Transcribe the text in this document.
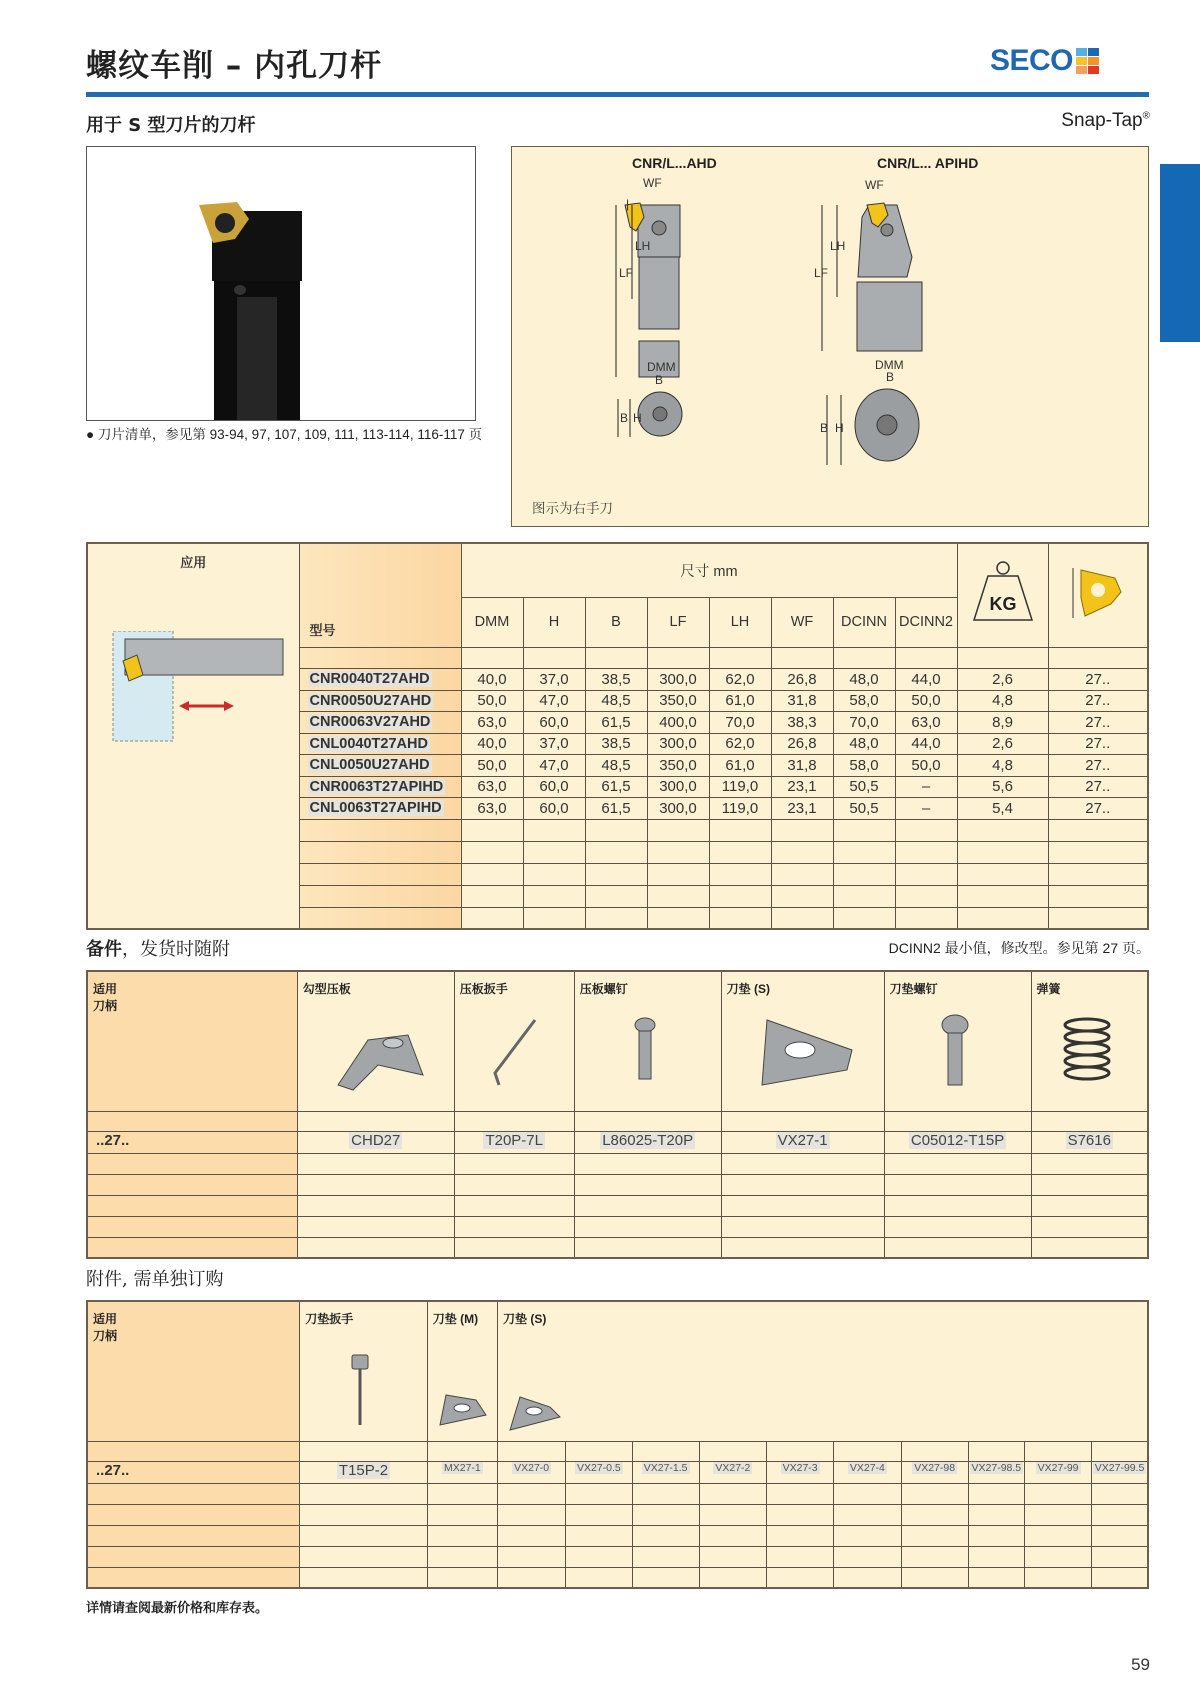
螺纹车削 – 内孔刀杆	SECO
用于 S 型刀片的刀杆	Snap-Tap®
● 刀片清单，参见第 93-94, 97, 107, 109, 111, 113-114, 116-117 页
CNR/L...AHD	CNR/L... APIHD
|
WF
LH
LF
DMM
B
B H
WF
LH
LF
DMM
B
B H
图示为右手刀
应用	型号	尺寸 mm								KG

		DMM	H	B	LF	LH	WF	DCINN	DCINN2		

	CNR0040T27AHD	40,0	37,0	38,5	300,0	62,0	26,8	48,0	44,0	2,6	27..
	CNR0050U27AHD	50,0	47,0	48,5	350,0	61,0	31,8	58,0	50,0	4,8	27..
	CNR0063V27AHD	63,0	60,0	61,5	400,0	70,0	38,3	70,0	63,0	8,9	27..
	CNL0040T27AHD	40,0	37,0	38,5	300,0	62,0	26,8	48,0	44,0	2,6	27..
	CNL0050U27AHD	50,0	47,0	48,5	350,0	61,0	31,8	58,0	50,0	4,8	27..
	CNR0063T27APIHD	63,0	60,0	61,5	300,0	119,0	23,1	50,5	–	5,6	27..
	CNL0063T27APIHD	63,0	60,0	61,5	300,0	119,0	23,1	50,5	–	5,4	27..

备件，发货时随附	DCINN2 最小值，修改型。参见第 27 页。
适用
刀柄	勾型压板	压板扳手	压板螺钉	刀垫 (S)	刀垫螺钉	弹簧

..27..	CHD27	T20P-7L	L86025-T20P	VX27-1	C05012-T15P	S7616

附件, 需单独订购
适用
刀柄	刀垫扳手	刀垫 (M)	刀垫 (S)									

..27..	T15P-2	MX27-1	VX27-0	VX27-0.5	VX27-1.5	VX27-2	VX27-3	VX27-4	VX27-98	VX27-98.5	VX27-99	VX27-99.5

详情请查阅最新价格和库存表。
59
